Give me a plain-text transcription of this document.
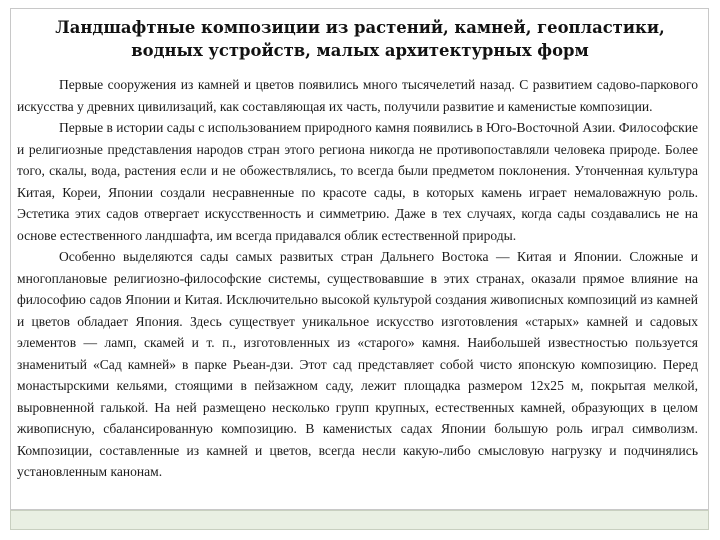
Ландшафтные композиции из растений, камней, геопластики, водных устройств, малых архитектурных форм

Первые сооружения из камней и цветов появились много тысячелетий назад. С развитием садово-паркового искусства у древних цивилизаций, как составляющая их часть, получили развитие и каменистые композиции.

Первые в истории сады с использованием природного камня появились в Юго-Восточной Азии. Философские и религиозные представления народов стран этого региона никогда не противопоставляли человека природе. Более того, скалы, вода, растения если и не обожествлялись, то всегда были предметом поклонения. Утонченная культура Китая, Кореи, Японии создали несравненные по красоте сады, в которых камень играет немаловажную роль. Эстетика этих садов отвергает искусственность и симметрию. Даже в тех случаях, когда сады создавались не на основе естественного ландшафта, им всегда придавался облик естественной природы.

Особенно выделяются сады самых развитых стран Дальнего Востока — Китая и Японии. Сложные и многоплановые религиозно-философские системы, существовавшие в этих странах, оказали прямое влияние на философию садов Японии и Китая. Исключительно высокой культурой создания живописных композиций из камней и цветов обладает Япония. Здесь существует уникальное искусство изготовления «старых» камней и садовых элементов — ламп, скамей и т. п., изготовленных из «старого» камня. Наибольшей известностью пользуется знаменитый «Сад камней» в парке Рьеан-дзи. Этот сад представляет собой чисто японскую композицию. Перед монастырскими кельями, стоящими в пейзажном саду, лежит площадка размером 12х25 м, покрытая мелкой, выровненной галькой. На ней размещено несколько групп крупных, естественных камней, образующих в целом живописную, сбалансированную композицию. В каменистых садах Японии большую роль играл символизм. Композиции, составленные из камней и цветов, всегда несли какую-либо смысловую нагрузку и подчинялись установленным канонам.
